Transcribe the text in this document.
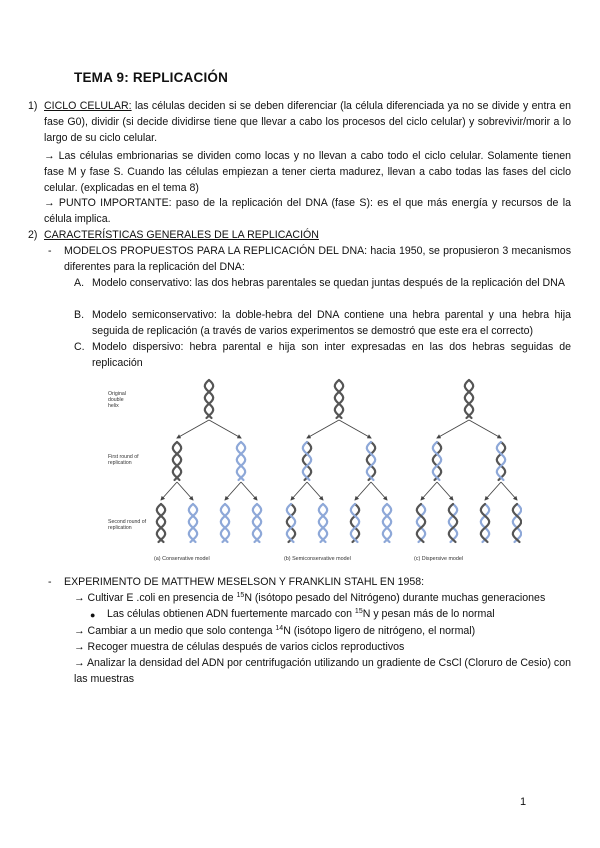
TEMA 9: REPLICACIÓN
1) CICLO CELULAR: las células deciden si se deben diferenciar (la célula diferenciada ya no se divide y entra en fase G0), dividir (si decide dividirse tiene que llevar a cabo los procesos del ciclo celular) y sobrevivir/morir a lo largo de su ciclo celular.
→ Las células embrionarias se dividen como locas y no llevan a cabo todo el ciclo celular. Solamente tienen fase M y fase S. Cuando las células empiezan a tener cierta madurez, llevan a cabo todas las fases del ciclo celular. (explicadas en el tema 8)
→ PUNTO IMPORTANTE: paso de la replicación del DNA (fase S): es el que más energía y recursos de la célula implica.
2) CARACTERÍSTICAS GENERALES DE LA REPLICACIÓN
- MODELOS PROPUESTOS PARA LA REPLICACIÓN DEL DNA: hacia 1950, se propusieron 3 mecanismos diferentes para la replicación del DNA:
A. Modelo conservativo: las dos hebras parentales se quedan juntas después de la replicación del DNA
B. Modelo semiconservativo: la doble-hebra del DNA contiene una hebra parental y una hebra hija seguida de replicación (a través de varios experimentos se demostró que este era el correcto)
C. Modelo dispersivo: hebra parental e hija son inter expresadas en las dos hebras seguidas de replicación
Original
double
helix
First round of
replication
Second round of
replication
(a) Conservative model	(b) Semiconservative model	(c) Dispersive model
- EXPERIMENTO DE MATTHEW MESELSON Y FRANKLIN STAHL EN 1958:
→ Cultivar E .coli en presencia de $^{15}$N (isótopo pesado del Nitrógeno) durante muchas generaciones
● Las células obtienen ADN fuertemente marcado con $^{15}$N y pesan más de lo normal
→ Cambiar a un medio que solo contenga $^{14}$N (isótopo ligero de nitrógeno, el normal)
→ Recoger muestra de células después de varios ciclos reproductivos
→ Analizar la densidad del ADN por centrifugación utilizando un gradiente de CsCl (Cloruro de Cesio) con las muestras
1
